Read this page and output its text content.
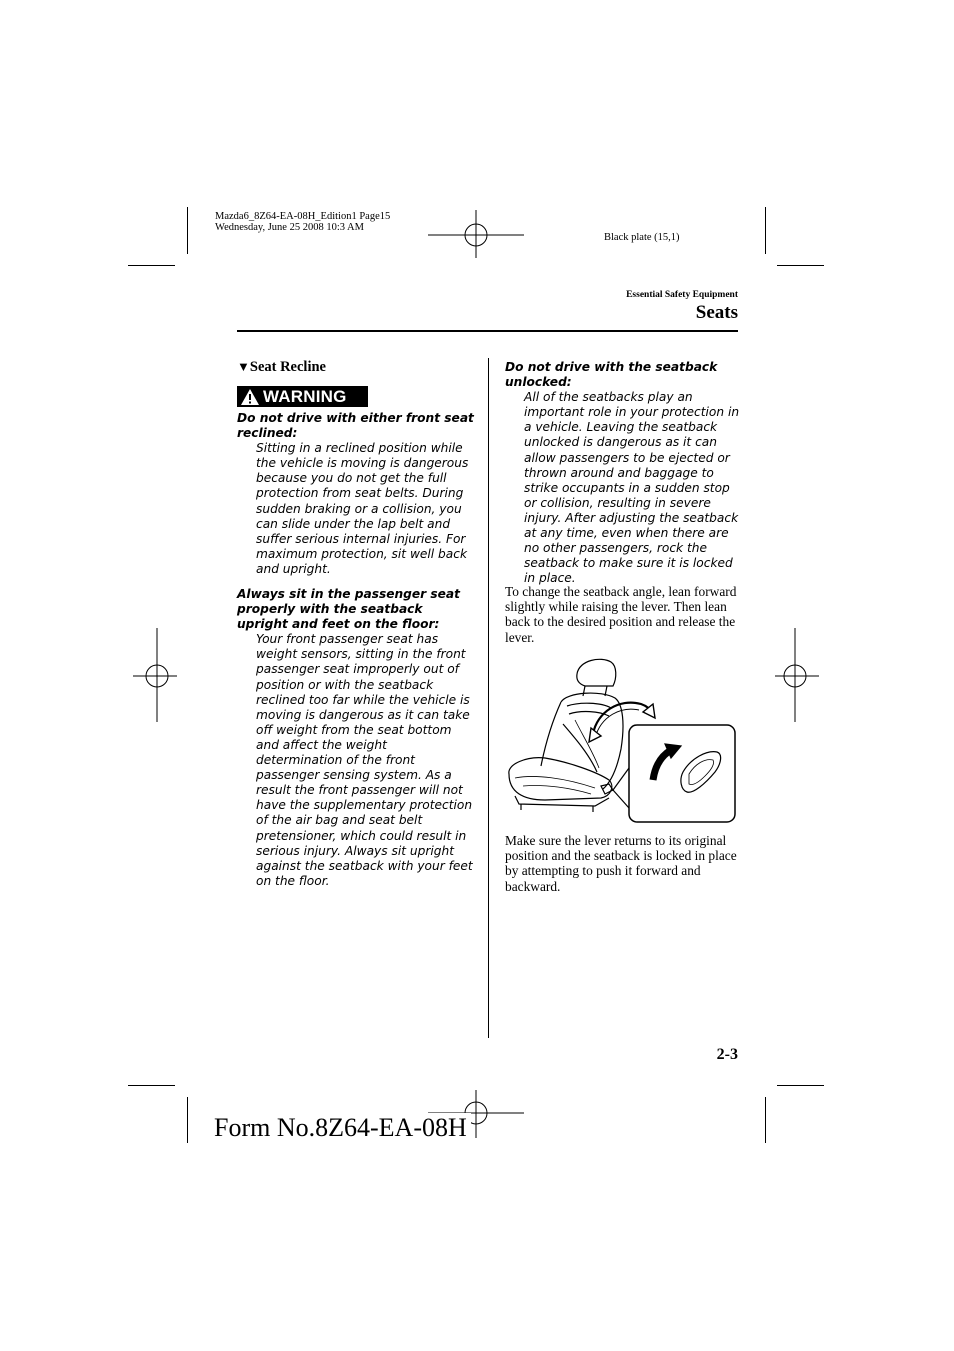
Mazda6_8Z64-EA-08H_Edition1 Page15
Wednesday, June 25 2008 10:3 AM
Black plate (15,1)
Essential Safety Equipment
Seats
▼Seat Recline
WARNING
Do not drive with either front seat reclined:
Sitting in a reclined position while the vehicle is moving is dangerous because you do not get the full protection from seat belts. During sudden braking or a collision, you can slide under the lap belt and suffer serious internal injuries. For maximum protection, sit well back and upright.
Always sit in the passenger seat properly with the seatback upright and feet on the floor:
Your front passenger seat has weight sensors, sitting in the front passenger seat improperly out of position or with the seatback reclined too far while the vehicle is moving is dangerous as it can take off weight from the seat bottom and affect the weight determination of the front passenger sensing system. As a result the front passenger will not have the supplementary protection of the air bag and seat belt pretensioner, which could result in serious injury. Always sit upright against the seatback with your feet on the floor.
Do not drive with the seatback unlocked:
All of the seatbacks play an important role in your protection in a vehicle. Leaving the seatback unlocked is dangerous as it can allow passengers to be ejected or thrown around and baggage to strike occupants in a sudden stop or collision, resulting in severe injury. After adjusting the seatback at any time, even when there are no other passengers, rock the seatback to make sure it is locked in place.
To change the seatback angle, lean forward slightly while raising the lever. Then lean back to the desired position and release the lever.
Make sure the lever returns to its original position and the seatback is locked in place by attempting to push it forward and backward.
2-3
Form No.8Z64-EA-08H
